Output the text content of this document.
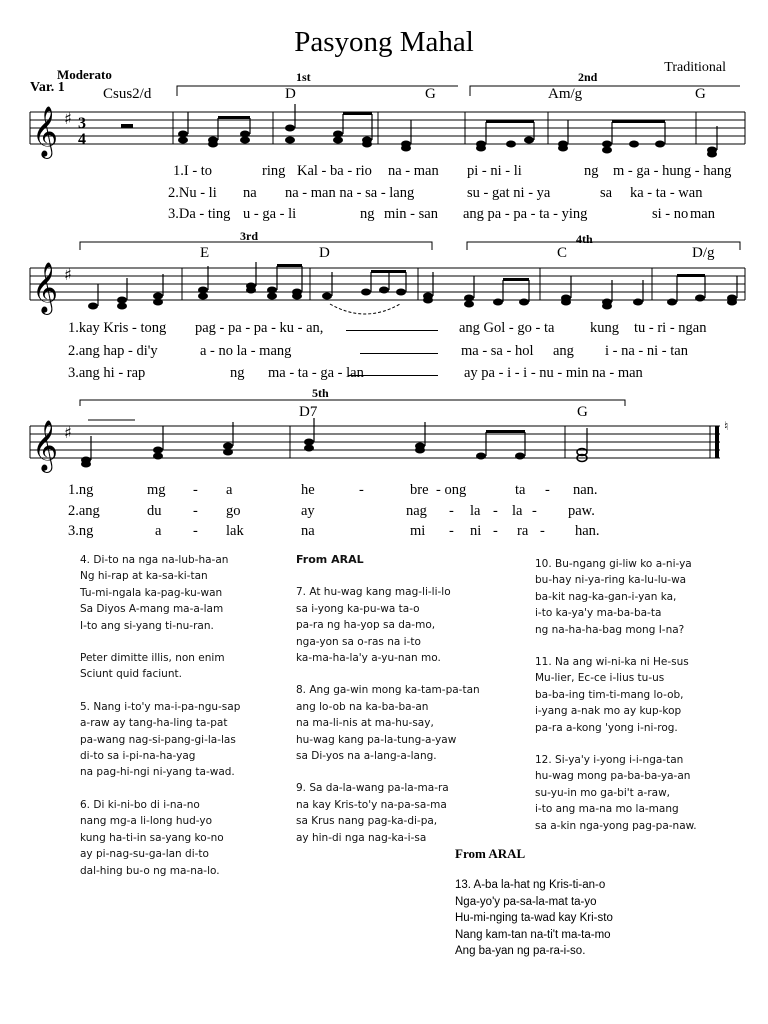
Pasyong Mahal
Traditional
Moderato
Var. 1	Csus2/d	D	G	Am/g	G
1st	2nd
𝄞 ♯ 3
4
1.I - to	ring Kal - ba - rio na - man pi - ni - li	ng m - ga - hung - hang
2.Nu - li na na - man na - sa - lang	su - gat ni - ya	sa ka - ta - wan
3.Da - ting u - ga - li	ng min - san ang pa - pa - ta - ying	si - no man
3rd	4th
E	D	C	D/g
𝄞 ♯
1.kay Kris - tong pag - pa - pa - ku - an,	ang Gol - go - ta kung tu - ri - ngan
2.ang hap - di'y	a - no la - mang	ma - sa - hol ang i - na - ni - tan
3.ang hi - rap	ng ma - ta - ga - lan	ay pa - i - i - nu - min na - man
5th
D7	G
♮
𝄞 ♯
1.ng	mg - a	he	-	bre - ong	ta - nan.
2.ang	du - go	ay	nag - la - la - paw.
3.ng	a - lak	na	mi - ni - ra - han.

4. Di-to na nga na-lub-ha-an
Ng hi-rap at ka-sa-ki-tan
Tu-mi-ngala ka-pag-ku-wan
Sa Diyos A-mang ma-a-lam
I-to ang si-yang ti-nu-ran.

Peter dimitte illis, non enim
Sciunt quid faciunt.

5. Nang i-to'y ma-i-pa-ngu-sap
a-raw ay tang-ha-ling ta-pat
pa-wang nag-si-pang-gi-la-las
di-to sa i-pi-na-ha-yag
na pag-hi-ngi ni-yang ta-wad.

6. Di ki-ni-bo di i-na-no
nang mg-a li-long hud-yo
kung ha-ti-in sa-yang ko-no
ay pi-nag-su-ga-lan di-to
dal-hing bu-o ng ma-na-lo.

From ARAL

7. At hu-wag kang mag-li-li-lo
sa i-yong ka-pu-wa ta-o
pa-ra ng ha-yop sa da-mo,
nga-yon sa o-ras na i-to
ka-ma-ha-la'y a-yu-nan mo.

8. Ang ga-win mong ka-tam-pa-tan
ang lo-ob na ka-ba-ba-an
na ma-li-nis at ma-hu-say,
hu-wag kang pa-la-tung-a-yaw
sa Di-yos na a-lang-a-lang.

9. Sa da-la-wang pa-la-ma-ra
na kay Kris-to'y na-pa-sa-ma
sa Krus nang pag-ka-di-pa,
ay hin-di nga nag-ka-i-sa

10. Bu-ngang gi-liw ko a-ni-ya
bu-hay ni-ya-ring ka-lu-lu-wa
ba-kit nag-ka-gan-i-yan ka,
i-to ka-ya'y ma-ba-ba-ta
ng na-ha-ha-bag mong I-na?

11. Na ang wi-ni-ka ni He-sus
Mu-lier, Ec-ce i-lius tu-us
ba-ba-ing tim-ti-mang lo-ob,
i-yang a-nak mo ay kup-kop
pa-ra a-kong 'yong i-ni-rog.

12. Si-ya'y i-yong i-i-nga-tan
hu-wag mong pa-ba-ba-ya-an
su-yu-in mo ga-bi't a-raw,
i-to ang ma-na mo la-mang
sa a-kin nga-yong pag-pa-naw.

From ARAL
13. A-ba la-hat ng Kris-ti-an-o
Nga-yo'y pa-sa-la-mat ta-yo
Hu-mi-nging ta-wad kay Kri-sto
Nang kam-tan na-ti't ma-ta-mo
Ang ba-yan ng pa-ra-i-so.
